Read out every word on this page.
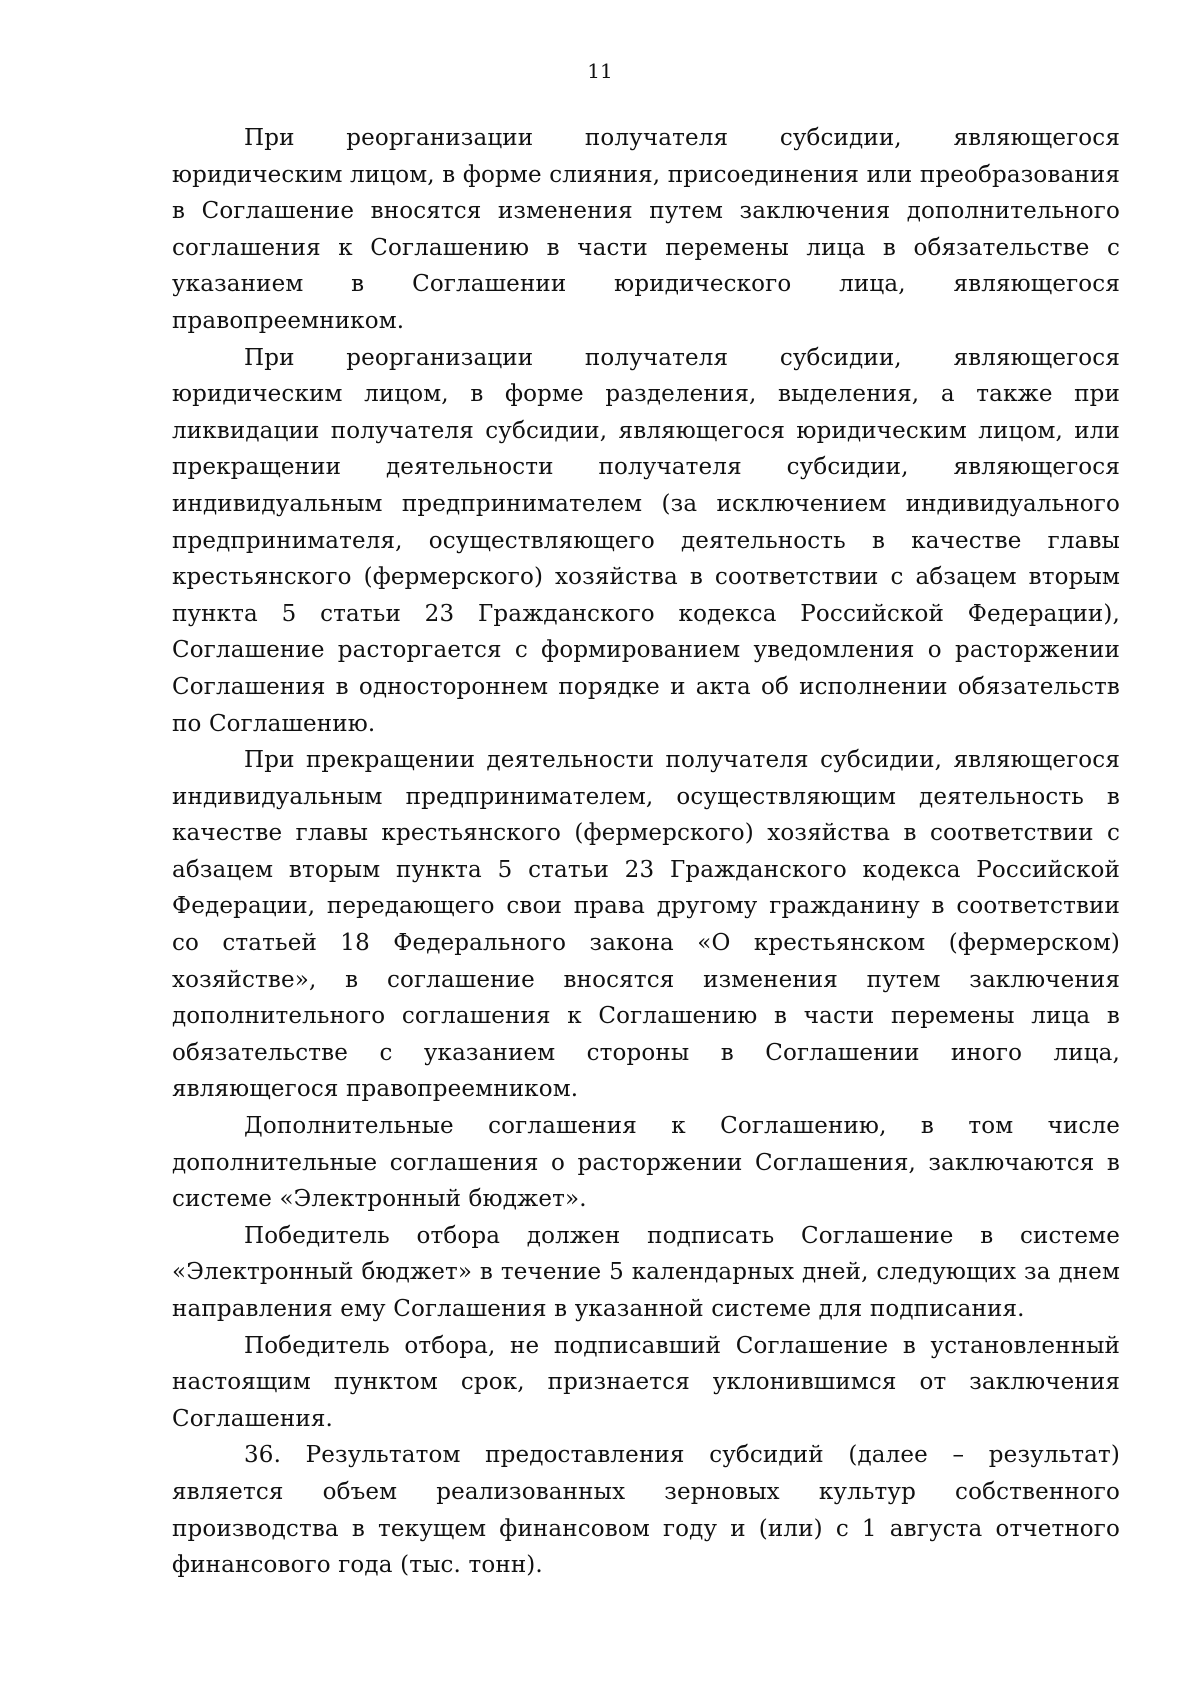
11

При реорганизации получателя субсидии, являющегося юридическим лицом, в форме слияния, присоединения или преобразования в Соглашение вносятся изменения путем заключения дополнительного соглашения к Соглашению в части перемены лица в обязательстве с указанием в Соглашении юридического лица, являющегося правопреемником.

При реорганизации получателя субсидии, являющегося юридическим лицом, в форме разделения, выделения, а также при ликвидации получателя субсидии, являющегося юридическим лицом, или прекращении деятельности получателя субсидии, являющегося индивидуальным предпринимателем (за исключением индивидуального предпринимателя, осуществляющего деятельность в качестве главы крестьянского (фермерского) хозяйства в соответствии с абзацем вторым пункта 5 статьи 23 Гражданского кодекса Российской Федерации), Соглашение расторгается с формированием уведомления о расторжении Соглашения в одностороннем порядке и акта об исполнении обязательств по Соглашению.

При прекращении деятельности получателя субсидии, являющегося индивидуальным предпринимателем, осуществляющим деятельность в качестве главы крестьянского (фермерского) хозяйства в соответствии с абзацем вторым пункта 5 статьи 23 Гражданского кодекса Российской Федерации, передающего свои права другому гражданину в соответствии со статьей 18 Федерального закона «О крестьянском (фермерском) хозяйстве», в соглашение вносятся изменения путем заключения дополнительного соглашения к Соглашению в части перемены лица в обязательстве с указанием стороны в Соглашении иного лица, являющегося правопреемником.

Дополнительные соглашения к Соглашению, в том числе дополнительные соглашения о расторжении Соглашения, заключаются в системе «Электронный бюджет».

Победитель отбора должен подписать Соглашение в системе «Электронный бюджет» в течение 5 календарных дней, следующих за днем направления ему Соглашения в указанной системе для подписания.

Победитель отбора, не подписавший Соглашение в установленный настоящим пунктом срок, признается уклонившимся от заключения Соглашения.

36. Результатом предоставления субсидий (далее – результат) является объем реализованных зерновых культур собственного производства в текущем финансовом году и (или) с 1 августа отчетного финансового года (тыс. тонн).
